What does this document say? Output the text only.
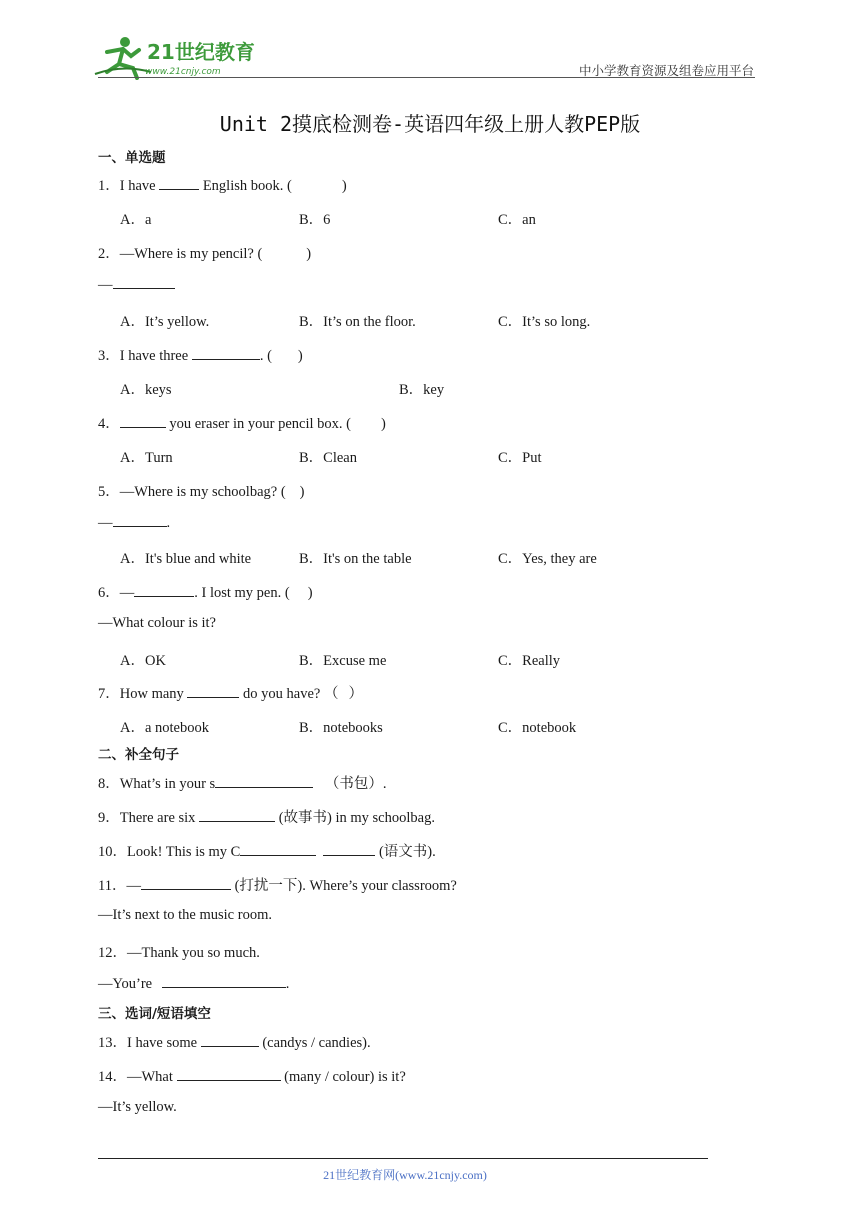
21世纪教育
www.21cnjy.com	中小学教育资源及组卷应用平台
Unit 2摸底检测卷-英语四年级上册人教PEP版
一、单选题
1．I have	English book. (	)
A．a	B．6	C．an
2．—Where is my pencil? (	)
—
A．It’s yellow.	B．It’s on the floor.	C．It’s so long.
3．I have three	. ( )
A．keys	B．key
4．	you eraser in your pencil box. ( )
A．Turn	B．Clean	C．Put
5．—Where is my schoolbag? ( )
—	.
A．It's blue and white	B．It's on the table	C．Yes, they are
6．—	. I lost my pen. ( )
—What colour is it?
A．OK	B．Excuse me	C．Really
7．How many	do you have? （ ）
A．a notebook	B．notebooks	C．notebook
二、补全句子
8．What’s in your s	（书包）.
9．There are six	(故事书) in my schoolbag.
10．Look! This is my C	(语文书).
11．—	(打扰一下). Where’s your classroom?
—It’s next to the music room.
12．—Thank you so much.
—You’re	.
三、选词/短语填空
13．I have some	(candys / candies).
14．—What	(many / colour) is it?
—It’s yellow.
21世纪教育网(www.21cnjy.com)
